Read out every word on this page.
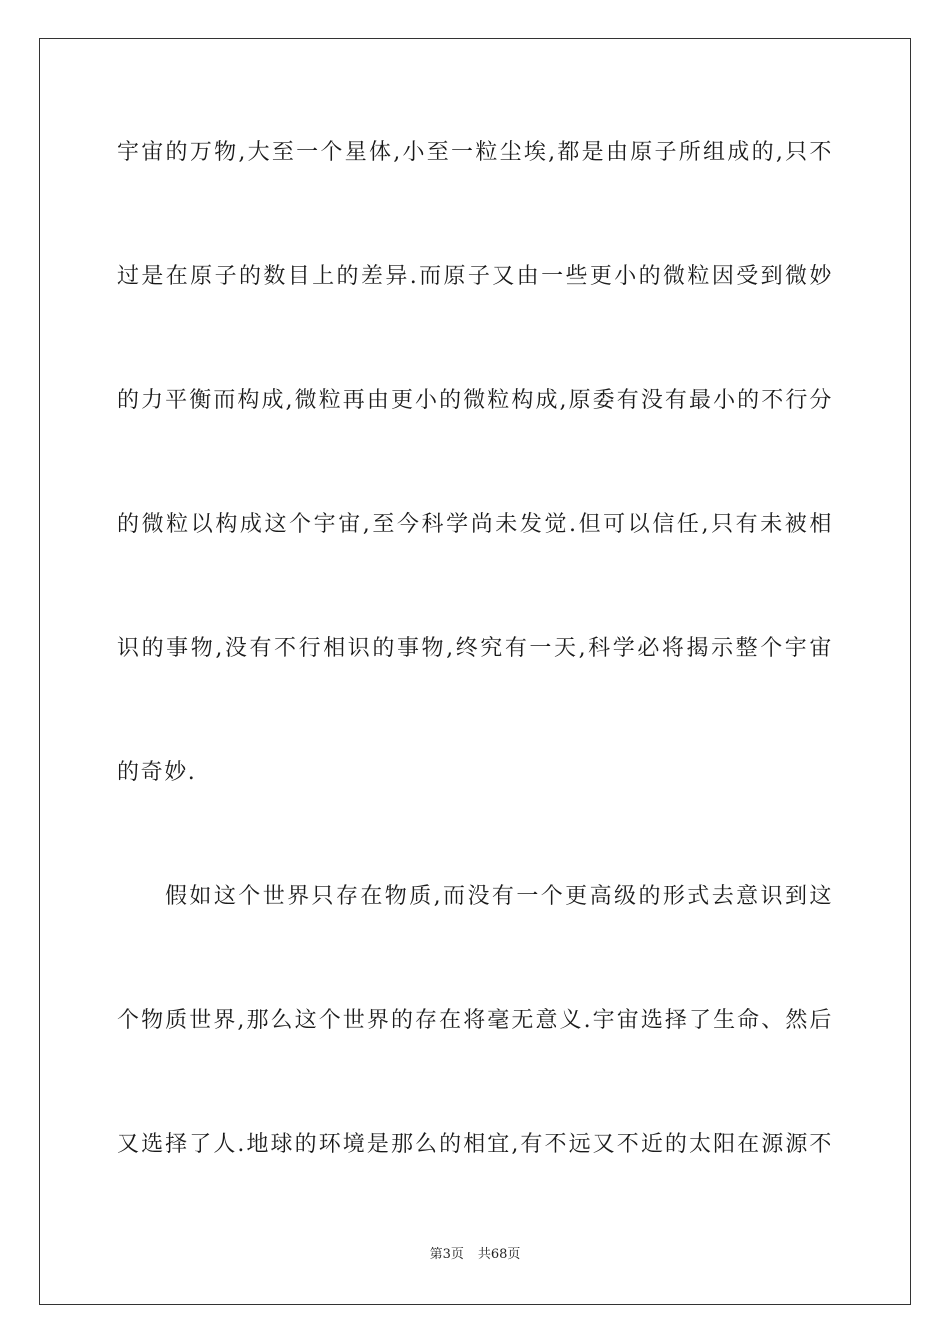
宇宙的万物,大至一个星体,小至一粒尘埃,都是由原子所组成的,只不
过是在原子的数目上的差异.而原子又由一些更小的微粒因受到微妙
的力平衡而构成,微粒再由更小的微粒构成,原委有没有最小的不行分
的微粒以构成这个宇宙,至今科学尚未发觉.但可以信任,只有未被相
识的事物,没有不行相识的事物,终究有一天,科学必将揭示整个宇宙
的奇妙.
假如这个世界只存在物质,而没有一个更高级的形式去意识到这
个物质世界,那么这个世界的存在将毫无意义.宇宙选择了生命、然后
又选择了人.地球的环境是那么的相宜,有不远又不近的太阳在源源不
第3页 共68页
